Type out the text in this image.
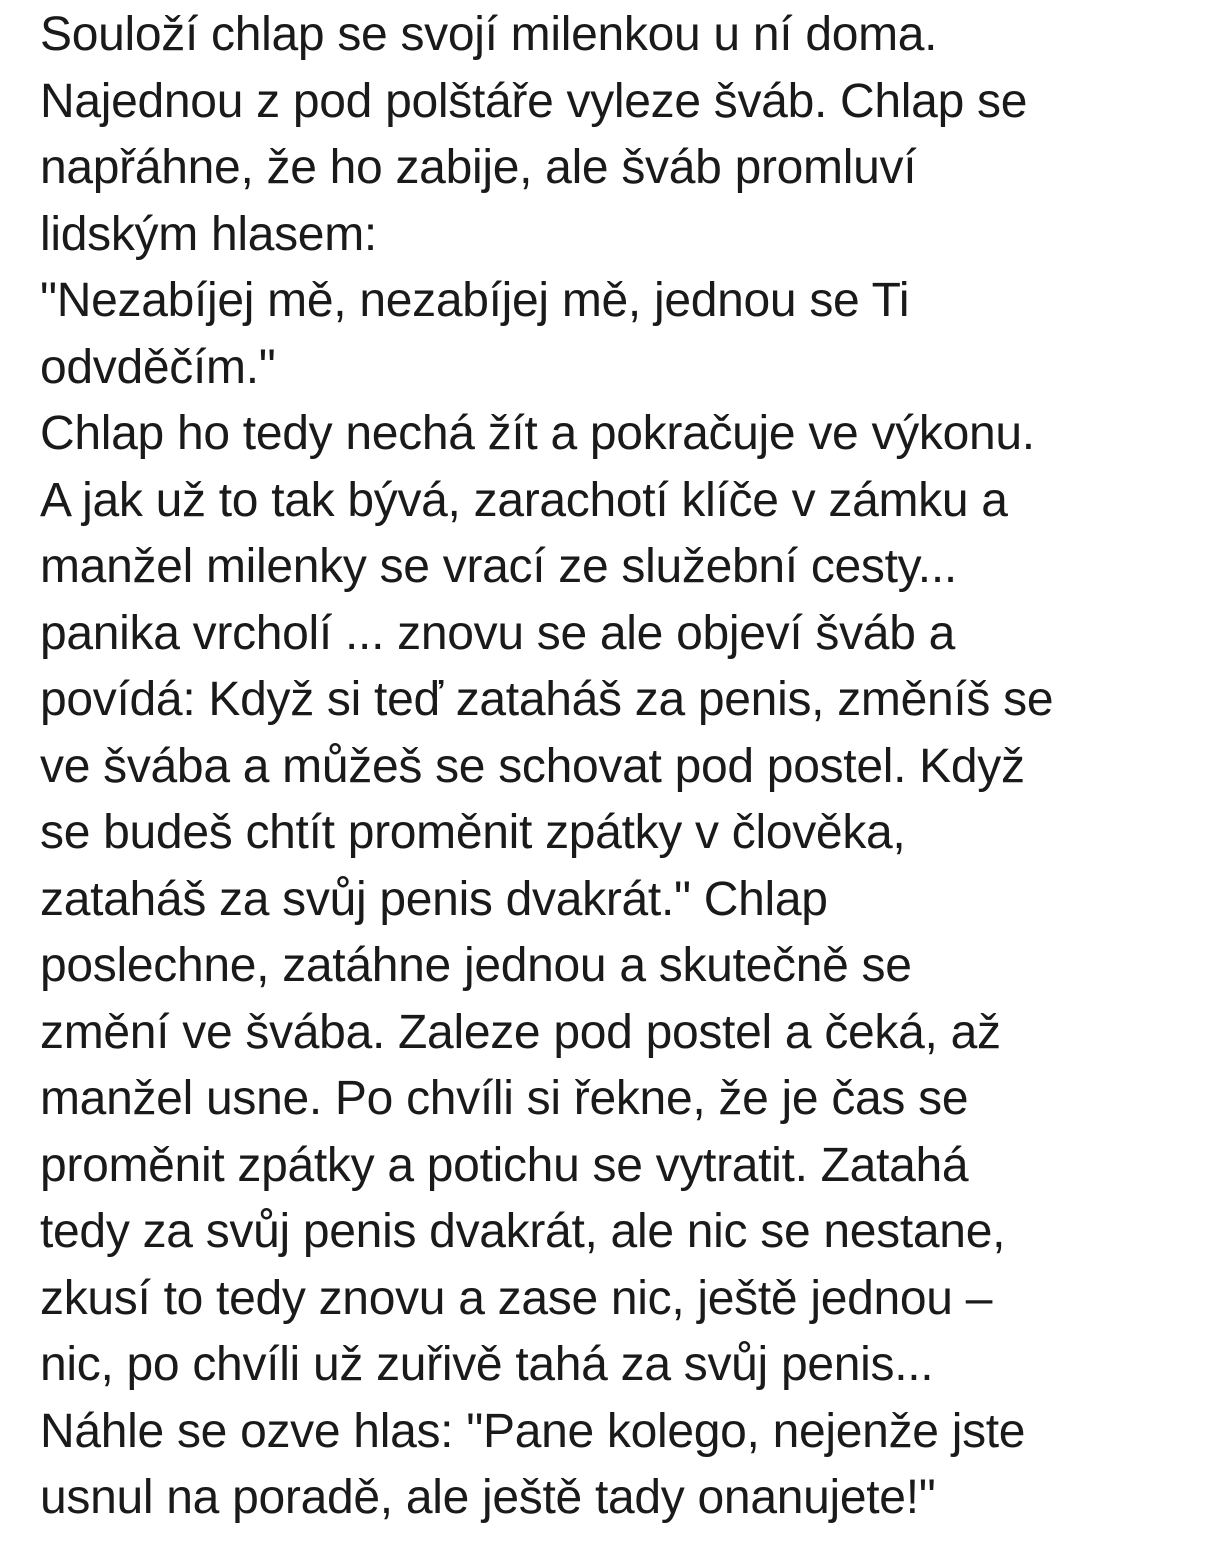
Souloží chlap se svojí milenkou u ní doma.
Najednou z pod polštáře vyleze šváb. Chlap se
napřáhne, že ho zabije, ale šváb promluví
lidským hlasem:
"Nezabíjej mě, nezabíjej mě, jednou se Ti
odvděčím."
Chlap ho tedy nechá žít a pokračuje ve výkonu.
A jak už to tak bývá, zarachotí klíče v zámku a
manžel milenky se vrací ze služební cesty...
panika vrcholí ... znovu se ale objeví šváb a
povídá: Když si teď zataháš za penis, změníš se
ve švába a můžeš se schovat pod postel. Když
se budeš chtít proměnit zpátky v člověka,
zataháš za svůj penis dvakrát." Chlap
poslechne, zatáhne jednou a skutečně se
změní ve švába. Zaleze pod postel a čeká, až
manžel usne. Po chvíli si řekne, že je čas se
proměnit zpátky a potichu se vytratit. Zatahá
tedy za svůj penis dvakrát, ale nic se nestane,
zkusí to tedy znovu a zase nic, ještě jednou –
nic, po chvíli už zuřivě tahá za svůj penis...
Náhle se ozve hlas: "Pane kolego, nejenže jste
usnul na poradě, ale ještě tady onanujete!"
